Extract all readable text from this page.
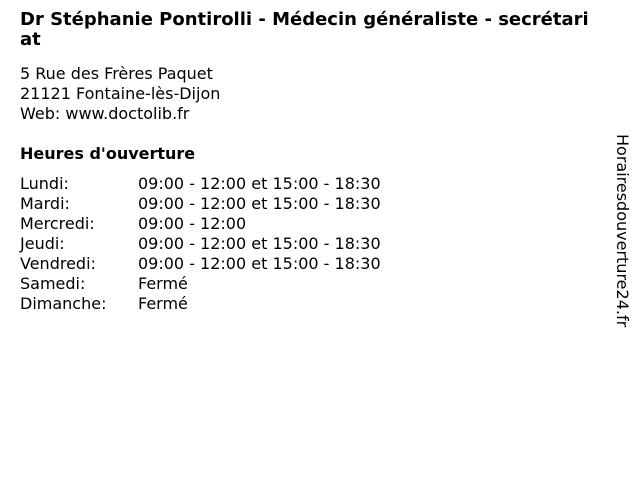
Dr Stéphanie Pontirolli - Médecin généraliste - secrétariat
5 Rue des Frères Paquet
21121 Fontaine-lès-Dijon
Web: www.doctolib.fr
Heures d'ouverture
Lundi:	09:00 - 12:00 et 15:00 - 18:30
Mardi:	09:00 - 12:00 et 15:00 - 18:30
Mercredi:	09:00 - 12:00
Jeudi:	09:00 - 12:00 et 15:00 - 18:30
Vendredi:	09:00 - 12:00 et 15:00 - 18:30
Samedi:	Fermé
Dimanche:	Fermé	Horairesdouverture24.fr
